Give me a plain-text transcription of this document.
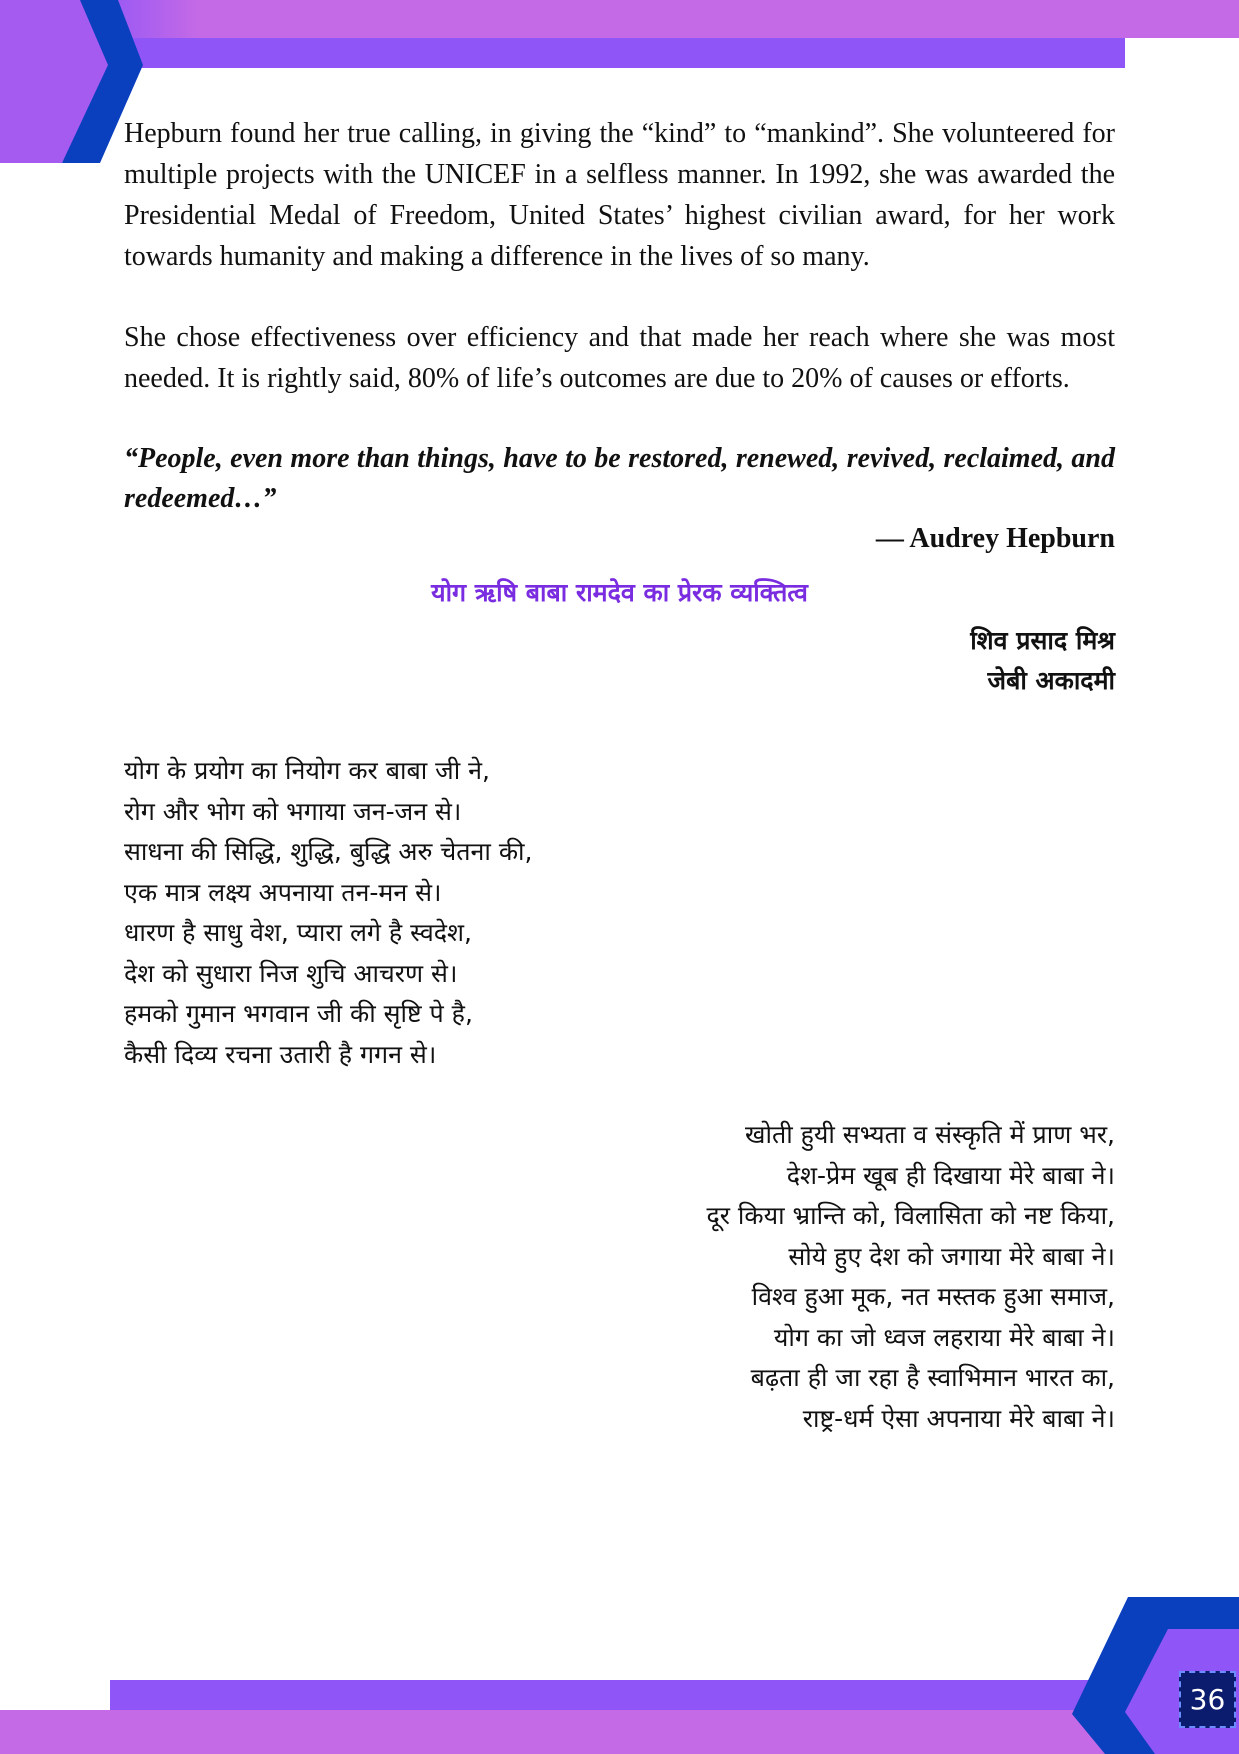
Hepburn found her true calling, in giving the “kind” to “mankind”. She volunteered for multiple projects with the UNICEF in a selfless manner. In 1992, she was awarded the Presidential Medal of Freedom, United States’ highest civilian award, for her work towards humanity and making a difference in the lives of so many.

She chose effectiveness over efficiency and that made her reach where she was most needed. It is rightly said, 80% of life’s outcomes are due to 20% of causes or efforts.

“People, even more than things, have to be restored, renewed, revived, reclaimed, and redeemed…”

— Audrey Hepburn

योग ऋषि बाबा रामदेव का प्रेरक व्यक्तित्व

शिव प्रसाद मिश्र

जेबी अकादमी

योग के प्रयोग का नियोग कर बाबा जी ने,
रोग और भोग को भगाया जन-जन से।
साधना की सिद्धि, शुद्धि, बुद्धि अरु चेतना की,
एक मात्र लक्ष्य अपनाया तन-मन से।
धारण है साधु वेश, प्यारा लगे है स्वदेश,
देश को सुधारा निज शुचि आचरण से।
हमको गुमान भगवान जी की सृष्टि पे है,
कैसी दिव्य रचना उतारी है गगन से।
खोती हुयी सभ्यता व संस्कृति में प्राण भर,
देश-प्रेम खूब ही दिखाया मेरे बाबा ने।
दूर किया भ्रान्ति को, विलासिता को नष्ट किया,
सोये हुए देश को जगाया मेरे बाबा ने।
विश्व हुआ मूक, नत मस्तक हुआ समाज,
योग का जो ध्वज लहराया मेरे बाबा ने।
बढ़ता ही जा रहा है स्वाभिमान भारत का,
राष्ट्र-धर्म ऐसा अपनाया मेरे बाबा ने।
36
